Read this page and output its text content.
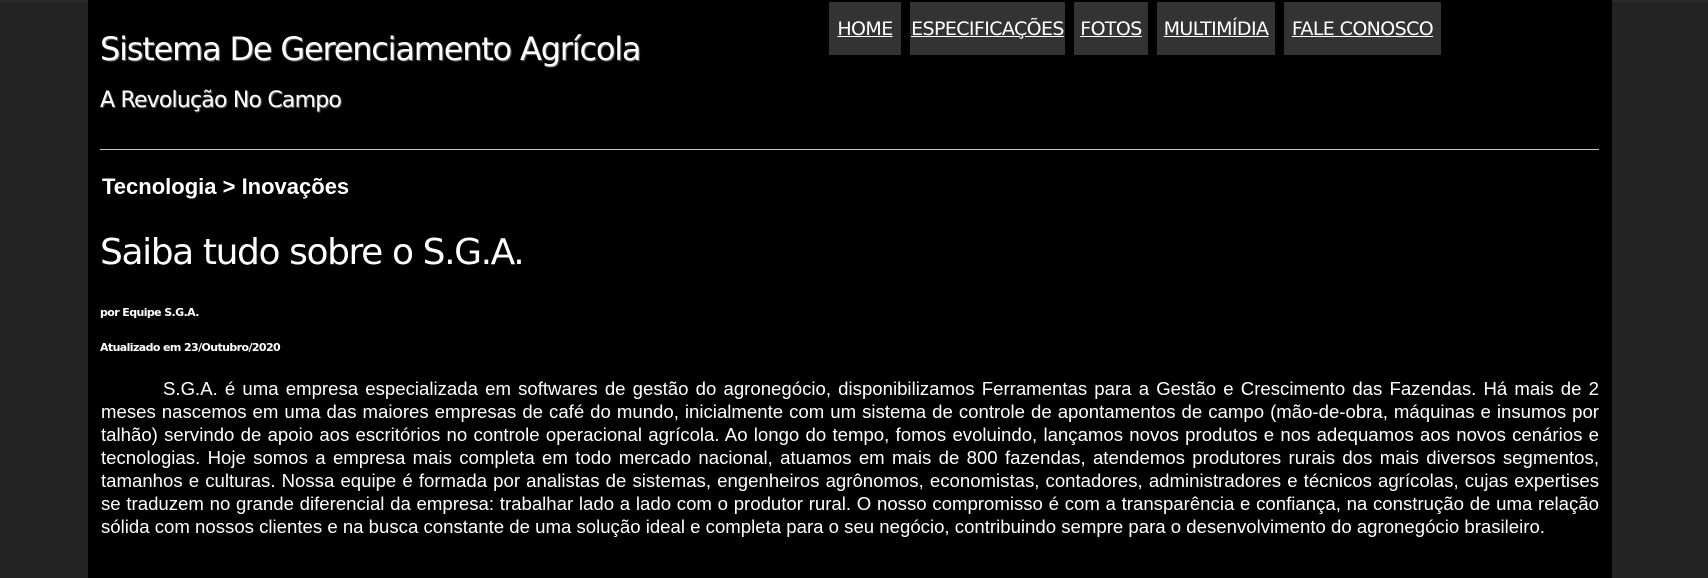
Sistema De Gerenciamento Agrícola
A Revolução No Campo
HOME ESPECIFICAÇÕES FOTOS	MULTIMÍDIA	FALE CONOSCO
Tecnologia > Inovações
Saiba tudo sobre o S.G.A.
por Equipe S.G.A.
Atualizado em 23/Outubro/2020

S.G.A. é uma empresa especializada em softwares de gestão do agronegócio, disponibilizamos Ferramentas para a Gestão e Crescimento das Fazendas. Há mais de 2 meses nascemos em uma das maiores empresas de café do mundo, inicialmente com um sistema de controle de apontamentos de campo (mão-de-obra, máquinas e insumos por talhão) servindo de apoio aos escritórios no controle operacional agrícola. Ao longo do tempo, fomos evoluindo, lançamos novos produtos e nos adequamos aos novos cenários e tecnologias. Hoje somos a empresa mais completa em todo mercado nacional, atuamos em mais de 800 fazendas, atendemos produtores rurais dos mais diversos segmentos, tamanhos e culturas. Nossa equipe é formada por analistas de sistemas, engenheiros agrônomos, economistas, contadores, administradores e técnicos agrícolas, cujas expertises se traduzem no grande diferencial da empresa: trabalhar lado a lado com o produtor rural. O nosso compromisso é com a transparência e confiança, na construção de uma relação sólida com nossos clientes e na busca constante de uma solução ideal e completa para o seu negócio, contribuindo sempre para o desenvolvimento do agronegócio brasileiro.
